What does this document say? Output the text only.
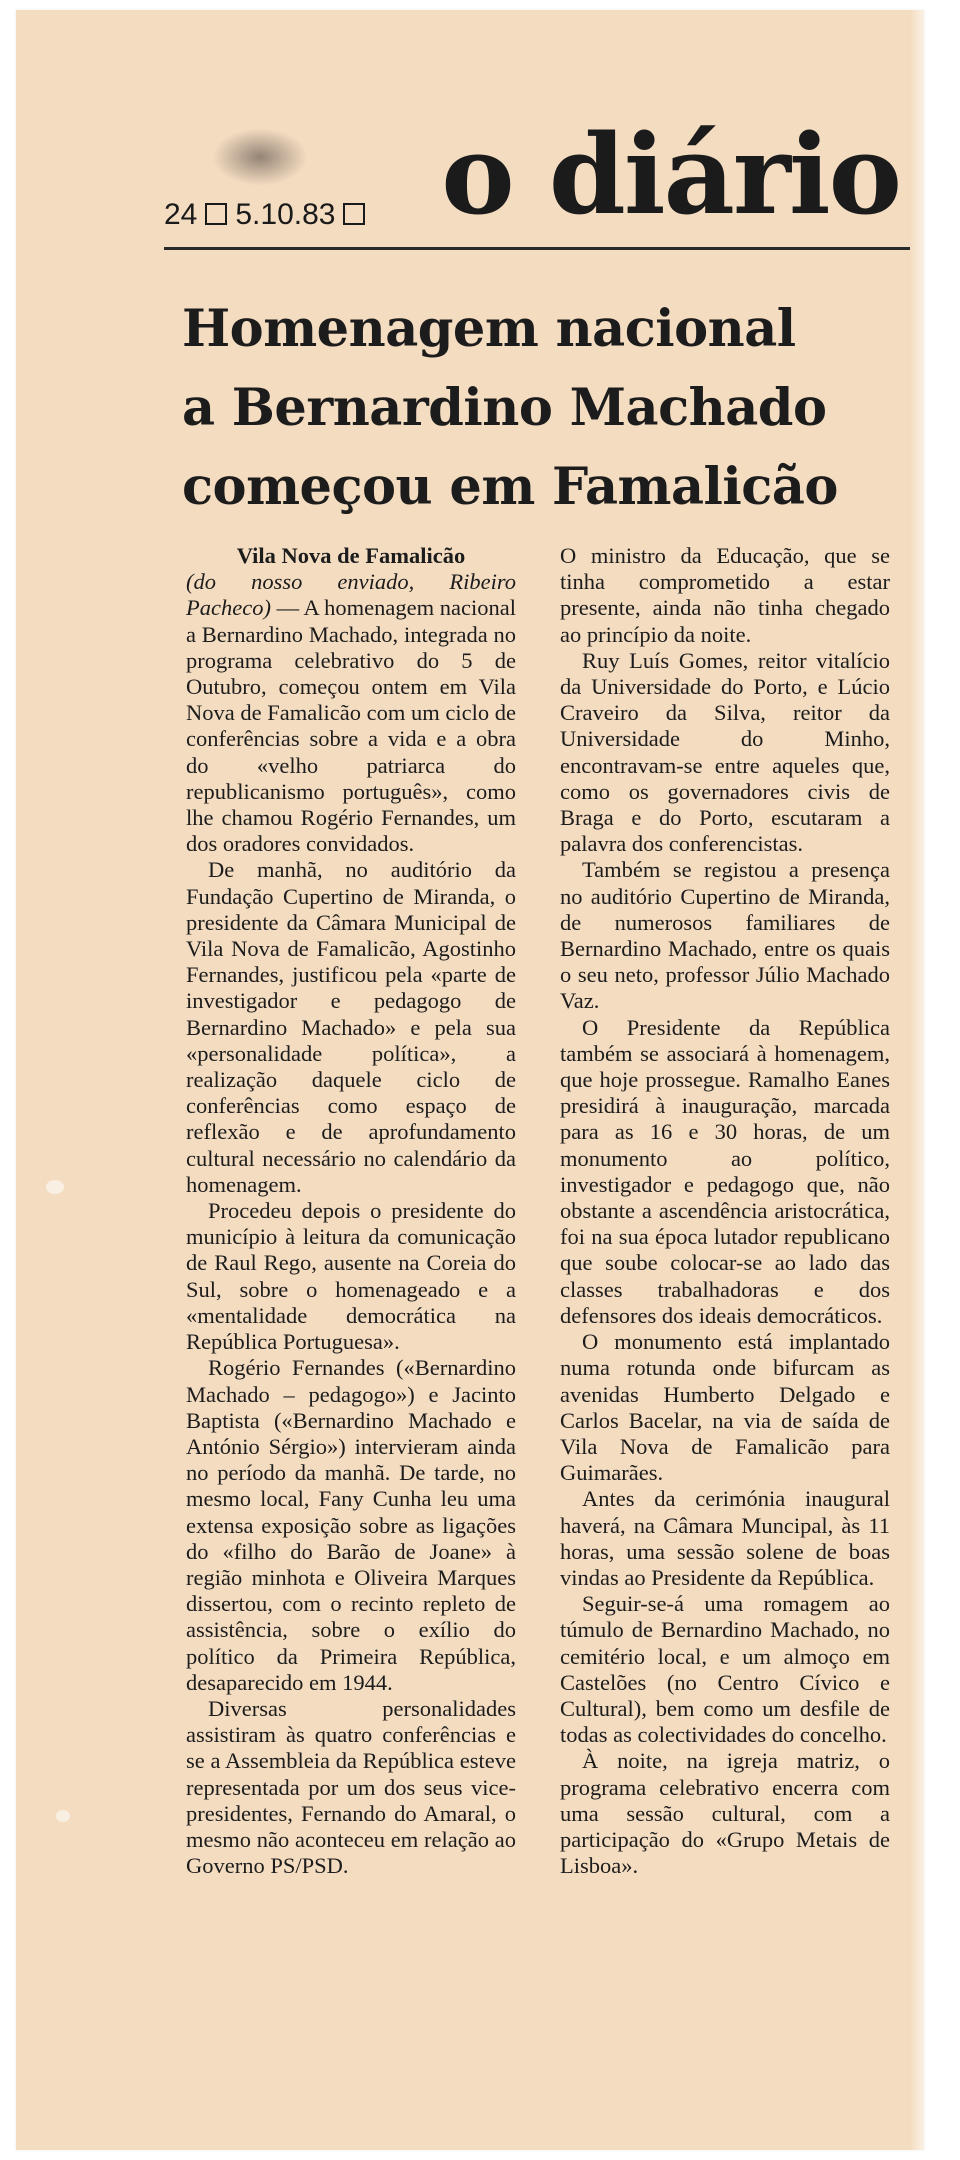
24 5.10.83 o diário
Homenagem nacional
a Bernardino Machado
começou em Famalicão
Vila Nova de Famalicão

(do nosso enviado, Ribeiro Pacheco) — A homenagem nacional a Bernardino Machado, integrada no programa celebrativo do 5 de Outubro, começou ontem em Vila Nova de Famalicão com um ciclo de conferências sobre a vida e a obra do «velho patriarca do republicanismo português», como lhe chamou Rogério Fernandes, um dos oradores convidados.

De manhã, no auditório da Fundação Cupertino de Miranda, o presidente da Câmara Municipal de Vila Nova de Famalicão, Agostinho Fernandes, justificou pela «parte de investigador e pedagogo de Bernardino Machado» e pela sua «personalidade política», a realização daquele ciclo de conferências como espaço de reflexão e de aprofundamento cultural necessário no calendário da homenagem.

Procedeu depois o presidente do município à leitura da comunicação de Raul Rego, ausente na Coreia do Sul, sobre o homenageado e a «mentalidade democrática na República Portuguesa».

Rogério Fernandes («Bernardino Machado – pedagogo») e Jacinto Baptista («Bernardino Machado e António Sérgio») intervieram ainda no período da manhã. De tarde, no mesmo local, Fany Cunha leu uma extensa exposição sobre as ligações do «filho do Barão de Joane» à região minhota e Oliveira Marques dissertou, com o recinto repleto de assistência, sobre o exílio do político da Primeira República, desaparecido em 1944.

Diversas personalidades assistiram às quatro conferências e se a Assembleia da República esteve representada por um dos seus vice-presidentes, Fernando do Amaral, o mesmo não aconteceu em relação ao Governo PS/PSD.

O ministro da Educação, que se tinha comprometido a estar presente, ainda não tinha chegado ao princípio da noite.

Ruy Luís Gomes, reitor vitalício da Universidade do Porto, e Lúcio Craveiro da Silva, reitor da Universidade do Minho, encontravam-se entre aqueles que, como os governadores civis de Braga e do Porto, escutaram a palavra dos conferencistas.

Também se registou a presença no auditório Cupertino de Miranda, de numerosos familiares de Bernardino Machado, entre os quais o seu neto, professor Júlio Machado Vaz.

O Presidente da República também se associará à homenagem, que hoje prossegue. Ramalho Eanes presidirá à inauguração, marcada para as 16 e 30 horas, de um monumento ao político, investigador e pedagogo que, não obstante a ascendência aristocrática, foi na sua época lutador republicano que soube colocar-se ao lado das classes trabalhadoras e dos defensores dos ideais democráticos.

O monumento está implantado numa rotunda onde bifurcam as avenidas Humberto Delgado e Carlos Bacelar, na via de saída de Vila Nova de Famalicão para Guimarães.

Antes da cerimónia inaugural haverá, na Câmara Muncipal, às 11 horas, uma sessão solene de boas vindas ao Presidente da República.

Seguir-se-á uma romagem ao túmulo de Bernardino Machado, no cemitério local, e um almoço em Castelões (no Centro Cívico e Cultural), bem como um desfile de todas as colectividades do concelho.

À noite, na igreja matriz, o programa celebrativo encerra com uma sessão cultural, com a participação do «Grupo Metais de Lisboa».
